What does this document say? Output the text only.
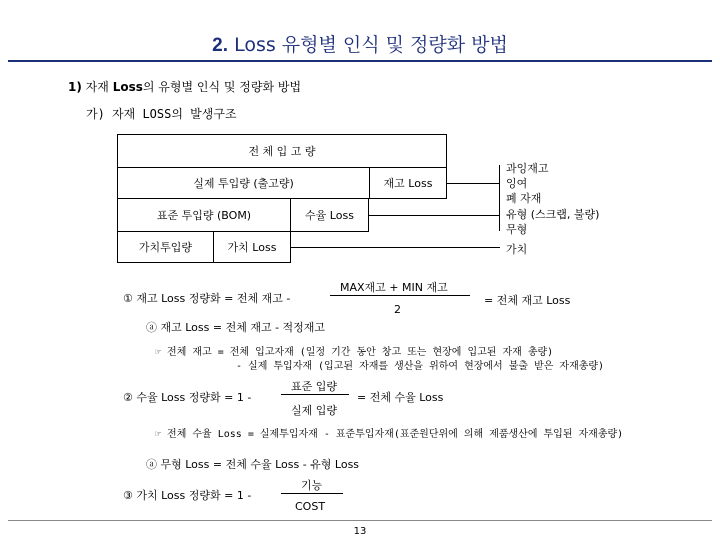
2. Loss 유형별 인식 및 정량화 방법
1) 자재 Loss의 유형별 인식 및 정량화 방법
가) 자재 LOSS의 발생구조
전 체 입 고 량
실제 투입량 (출고량)	재고 Loss
표준 투입량 (BOM)	수율 Loss
가치투입량	가치 Loss
과잉재고
잉여
폐 자재
유형 (스크랩, 불량)
무형
가치
① 재고 Loss 정량화 = 전체 재고 -
MAX재고 + MIN 재고
2
= 전체 재고 Loss
ⓐ 재고 Loss = 전체 재고 - 적정재고
☞ 전체 재고 = 전체 입고자재 (일정 기간 동안 창고 또는 현장에 입고된 자재 총량)
- 실제 투입자재 (입고된 자재를 생산을 위하여 현장에서 불출 받은 자재총량)
② 수율 Loss 정량화 = 1 -
표준 입량
실제 입량
= 전체 수율 Loss
☞ 전체 수율 Loss = 실제투입자재 - 표준투입자재(표준원단위에 의해 제품생산에 투입된 자재총량)
ⓐ 무형 Loss = 전체 수율 Loss - 유형 Loss
③ 가치 Loss 정량화 = 1 -
기능
COST
13
